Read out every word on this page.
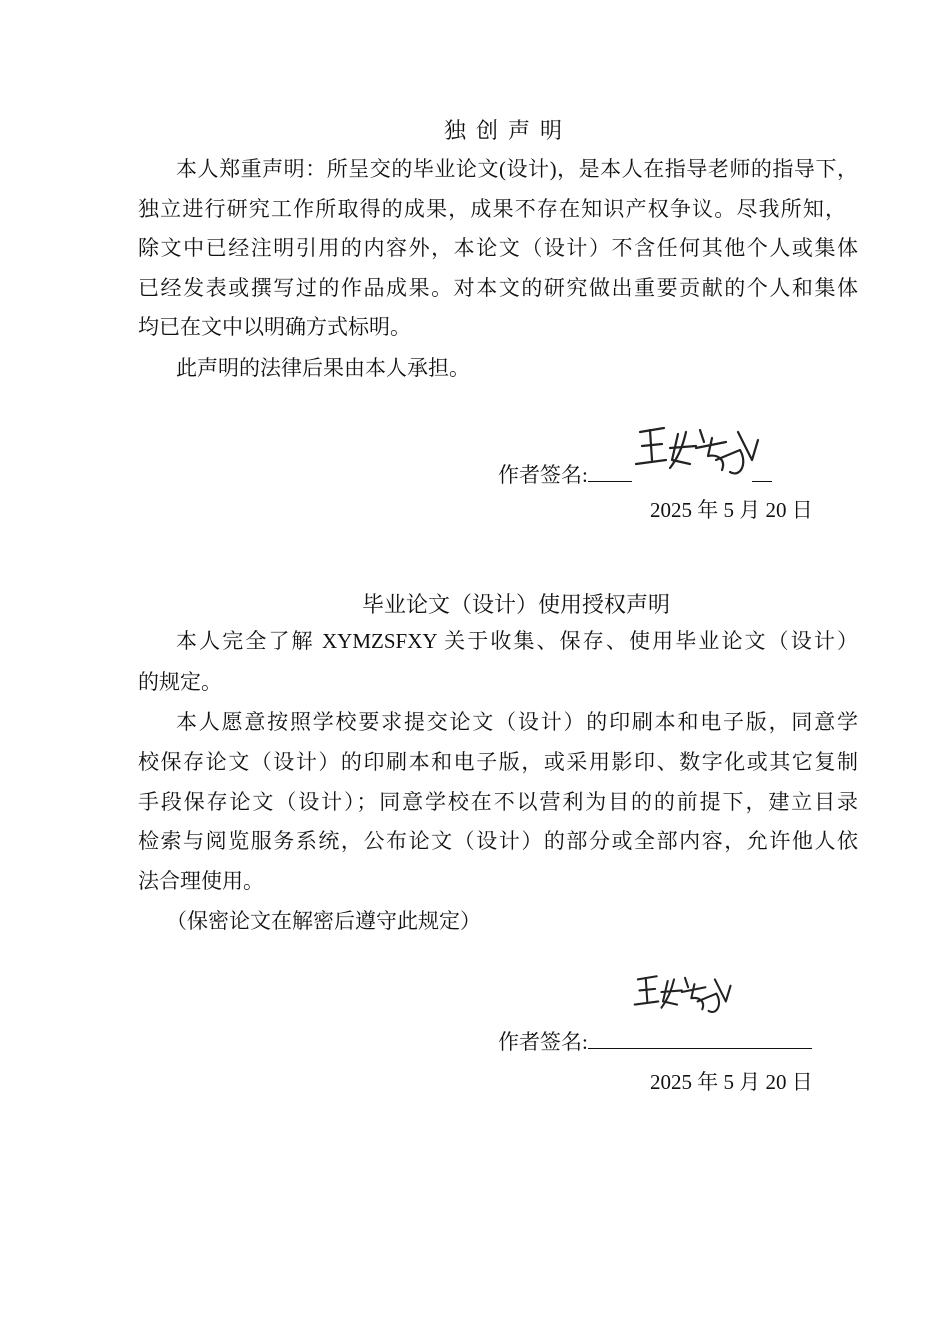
独创声明
本人郑重声明：所呈交的毕业论文(设计)，是本人在指导老师的指导下，
独立进行研究工作所取得的成果，成果不存在知识产权争议。尽我所知，
除文中已经注明引用的内容外，本论文（设计）不含任何其他个人或集体
已经发表或撰写过的作品成果。对本文的研究做出重要贡献的个人和集体
均已在文中以明确方式标明。
此声明的法律后果由本人承担。
作者签名:
2025 年 5 月 20 日
毕业论文（设计）使用授权声明
本人完全了解 XYMZSFXY 关于收集、保存、使用毕业论文（设计）
的规定。
本人愿意按照学校要求提交论文（设计）的印刷本和电子版，同意学
校保存论文（设计）的印刷本和电子版，或采用影印、数字化或其它复制
手段保存论文（设计）；同意学校在不以营利为目的的前提下，建立目录
检索与阅览服务系统，公布论文（设计）的部分或全部内容，允许他人依
法合理使用。
（保密论文在解密后遵守此规定）
作者签名:
2025 年 5 月 20 日
